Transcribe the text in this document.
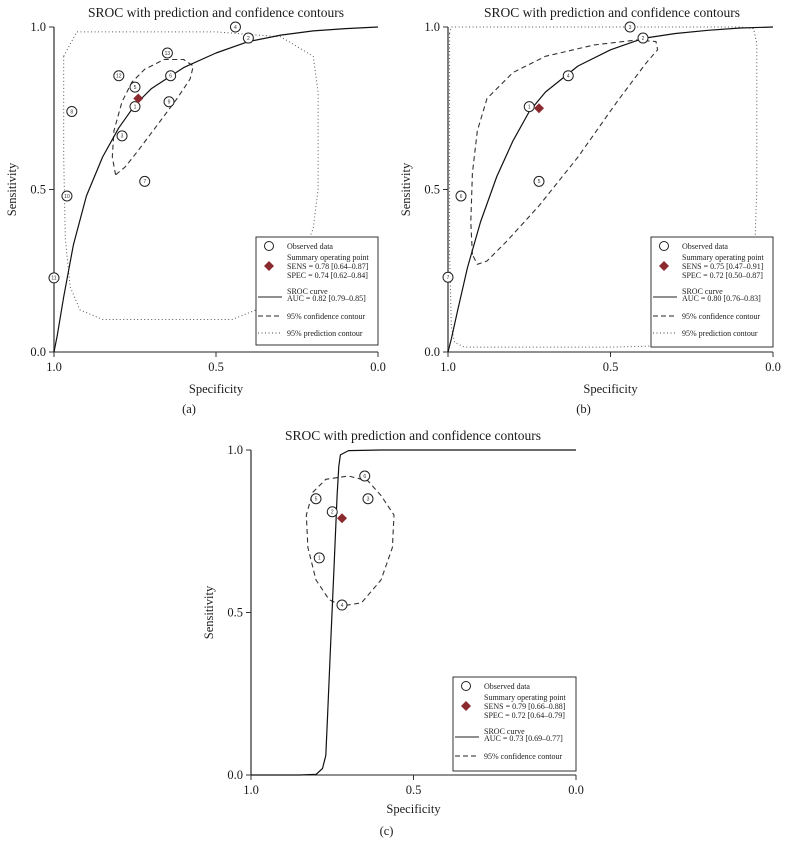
SROC with prediction and confidence contours
0.0
0.5
1.0
1.0	0.5	0.0
Specificity
Sensitivity
(a)
1
2
3
4
5
6
7
8
9
10
11
12
13
Observed data
Summary operating point
SENS = 0.78 [0.64–0.87]
SPEC = 0.74 [0.62–0.84]
SROC curve
AUC = 0.82 [0.79–0.85]
95% confidence contour
95% prediction contour
SROC with prediction and confidence contours
0.0
0.5
1.0
1.0	0.5	0.0
Specificity
Sensitivity
(b)
1
2
3
4
5
6
7
Observed data
Summary operating point
SENS = 0.75 [0.47–0.91]
SPEC = 0.72 [0.50–0.87]
SROC curve
AUC = 0.80 [0.76–0.83]
95% confidence contour
95% prediction contour
SROC with prediction and confidence contours
0.0
0.5
1.0
1.0	0.5	0.0
Specificity
Sensitivity
(c)
1
2
3
4
5
6
Observed data
Summary operating point
SENS = 0.79 [0.66–0.88]
SPEC = 0.72 [0.64–0.79]
SROC curve
AUC = 0.73 [0.69–0.77]
95% confidence contour
